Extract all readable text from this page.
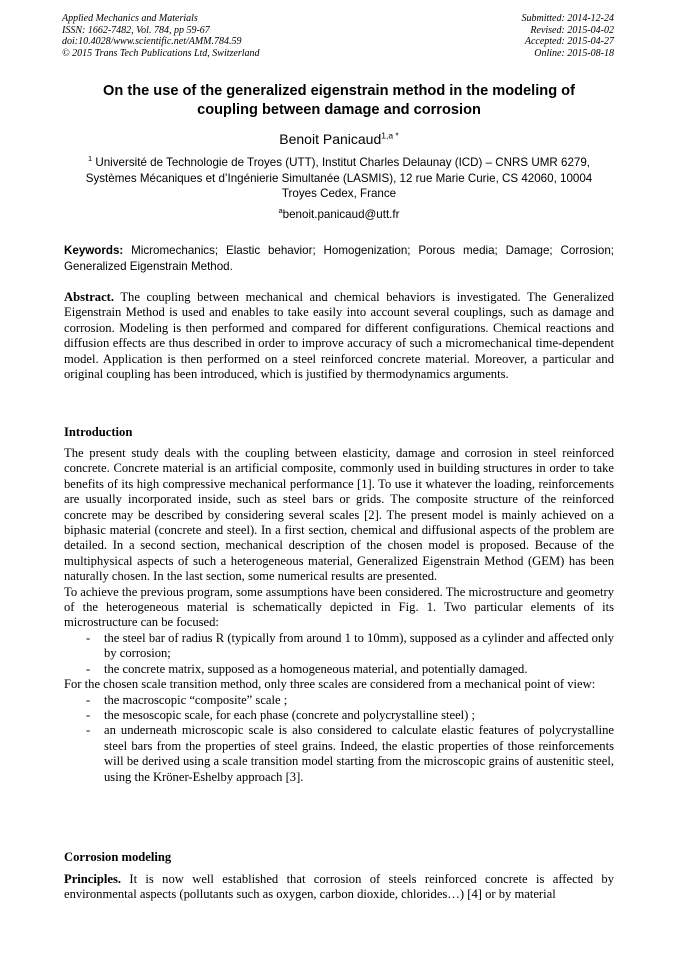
Applied Mechanics and Materials
ISSN: 1662-7482, Vol. 784, pp 59-67
doi:10.4028/www.scientific.net/AMM.784.59
© 2015 Trans Tech Publications Ltd, Switzerland
Submitted: 2014-12-24
Revised: 2015-04-02
Accepted: 2015-04-27
Online: 2015-08-18
On the use of the generalized eigenstrain method in the modeling of
coupling between damage and corrosion
Benoit Panicaud$^{1,a *}$
$^1$ Université de Technologie de Troyes (UTT), Institut Charles Delaunay (ICD) – CNRS UMR 6279,
Systèmes Mécaniques et d’Ingénierie Simultanée (LASMIS), 12 rue Marie Curie, CS 42060, 10004
Troyes Cedex, France
$^a$benoit.panicaud@utt.fr
Keywords: Micromechanics; Elastic behavior; Homogenization; Porous media; Damage; Corrosion; Generalized Eigenstrain Method.

Abstract. The coupling between mechanical and chemical behaviors is investigated. The Generalized Eigenstrain Method is used and enables to take easily into account several couplings, such as damage and corrosion. Modeling is then performed and compared for different configurations. Chemical reactions and diffusion effects are thus described in order to improve accuracy of such a micromechanical time-dependent model. Application is then performed on a steel reinforced concrete material. Moreover, a particular and original coupling has been introduced, which is justified by thermodynamics arguments.

Introduction

The present study deals with the coupling between elasticity, damage and corrosion in steel reinforced concrete. Concrete material is an artificial composite, commonly used in building structures in order to take benefits of its high compressive mechanical performance [1]. To use it whatever the loading, reinforcements are usually incorporated inside, such as steel bars or grids. The composite structure of the reinforced concrete may be described by considering several scales [2]. The present model is mainly achieved on a biphasic material (concrete and steel). In a first section, chemical and diffusional aspects of the problem are detailed. In a second section, mechanical description of the chosen model is proposed. Because of the multiphysical aspects of such a heterogeneous material, Generalized Eigenstrain Method (GEM) has been naturally chosen. In the last section, some numerical results are presented.

To achieve the previous program, some assumptions have been considered. The microstructure and geometry of the heterogeneous material is schematically depicted in Fig. 1. Two particular elements of its microstructure can be focused:

- the steel bar of radius R (typically from around 1 to 10mm), supposed as a cylinder and affected only by corrosion;
- the concrete matrix, supposed as a homogeneous material, and potentially damaged.

For the chosen scale transition method, only three scales are considered from a mechanical point of view:

- the macroscopic “composite” scale ;
- the mesoscopic scale, for each phase (concrete and polycrystalline steel) ;
- an underneath microscopic scale is also considered to calculate elastic features of polycrystalline steel bars from the properties of steel grains. Indeed, the elastic properties of those reinforcements will be derived using a scale transition model starting from the microscopic grains of austenitic steel, using the Kröner-Eshelby approach [3].
Corrosion modeling

Principles. It is now well established that corrosion of steels reinforced concrete is affected by environmental aspects (pollutants such as oxygen, carbon dioxide, chlorides…) [4] or by material
